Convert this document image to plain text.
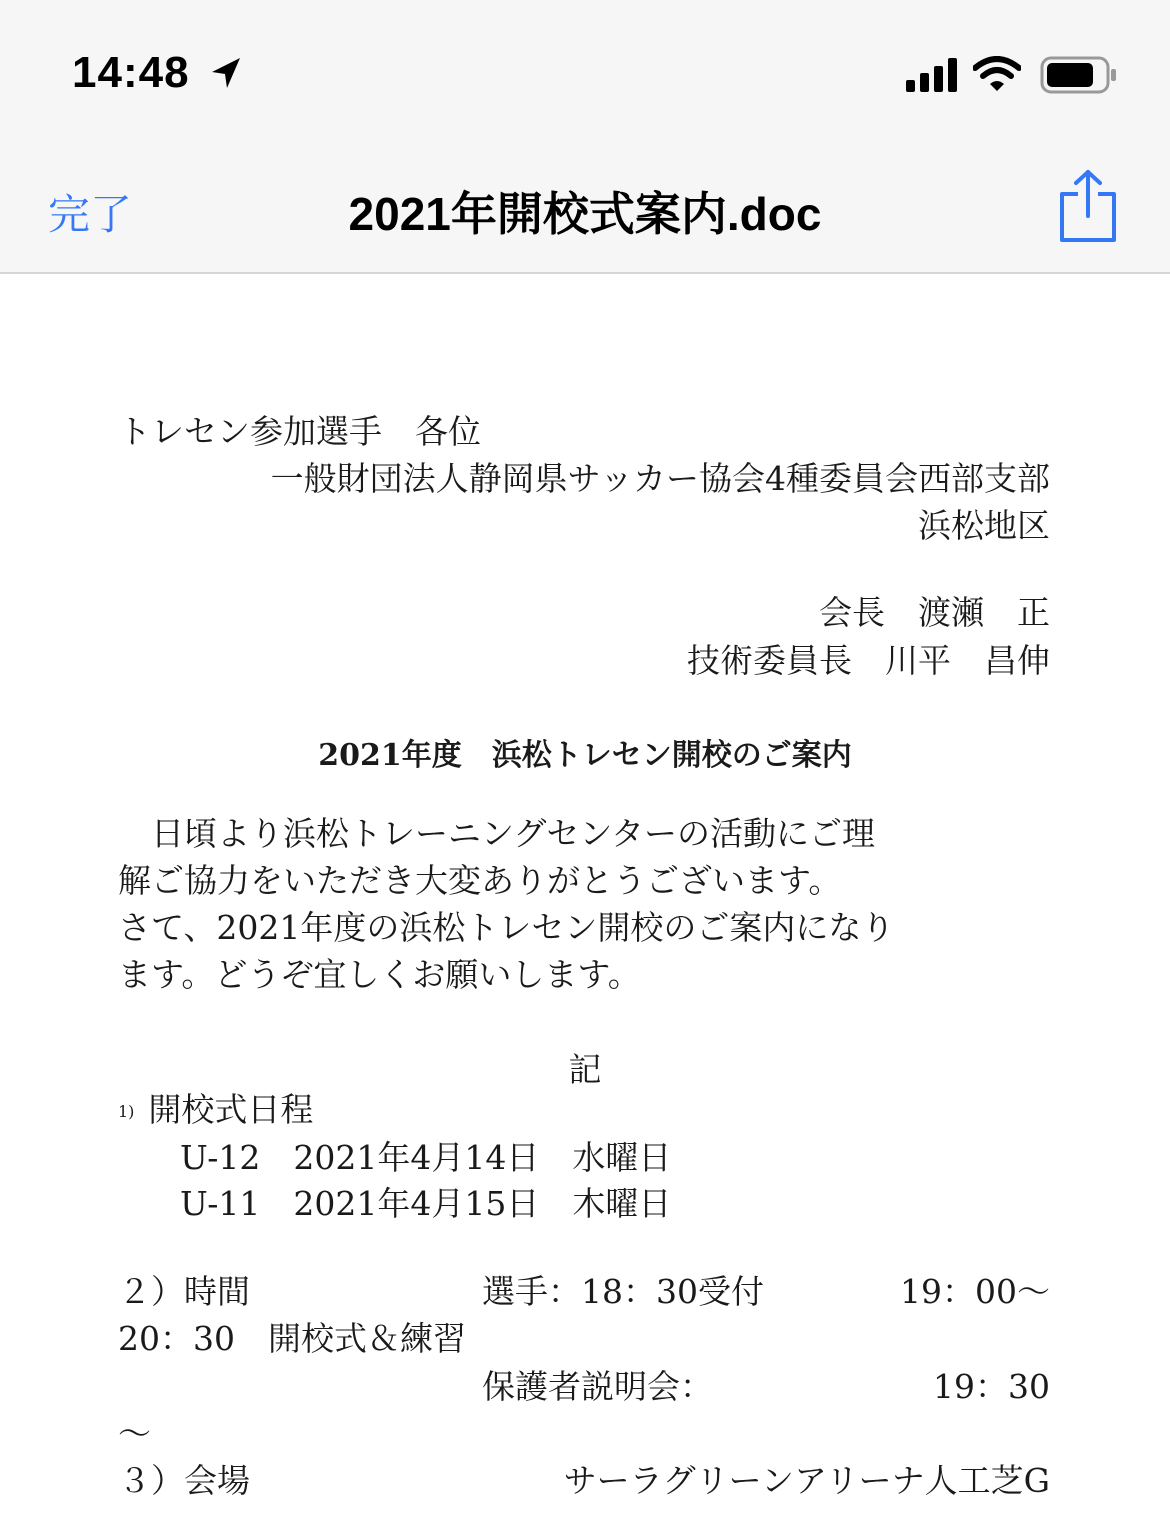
14:48
完了	2021年開校式案内.doc
トレセン参加選手　各位
一般財団法人静岡県サッカー協会4種委員会西部支部
浜松地区
会長　渡瀬　正
技術委員長　川平　昌伸
2021年度　浜松トレセン開校のご案内
　日頃より浜松トレーニングセンターの活動にご理
解ご協力をいただき大変ありがとうございます。
さて、2021年度の浜松トレセン開校のご案内になり
ます。どうぞ宜しくお願いします。
記
1) 開校式日程
U-12　 2021年4月14日　 水曜日
U-11　 2021年4月15日　 木曜日
２）時間	選手：18：30受付	19：00～
20：30　開校式＆練習
保護者説明会：	19：30
～
３）会場	サーラグリーンアリーナ人工芝G
